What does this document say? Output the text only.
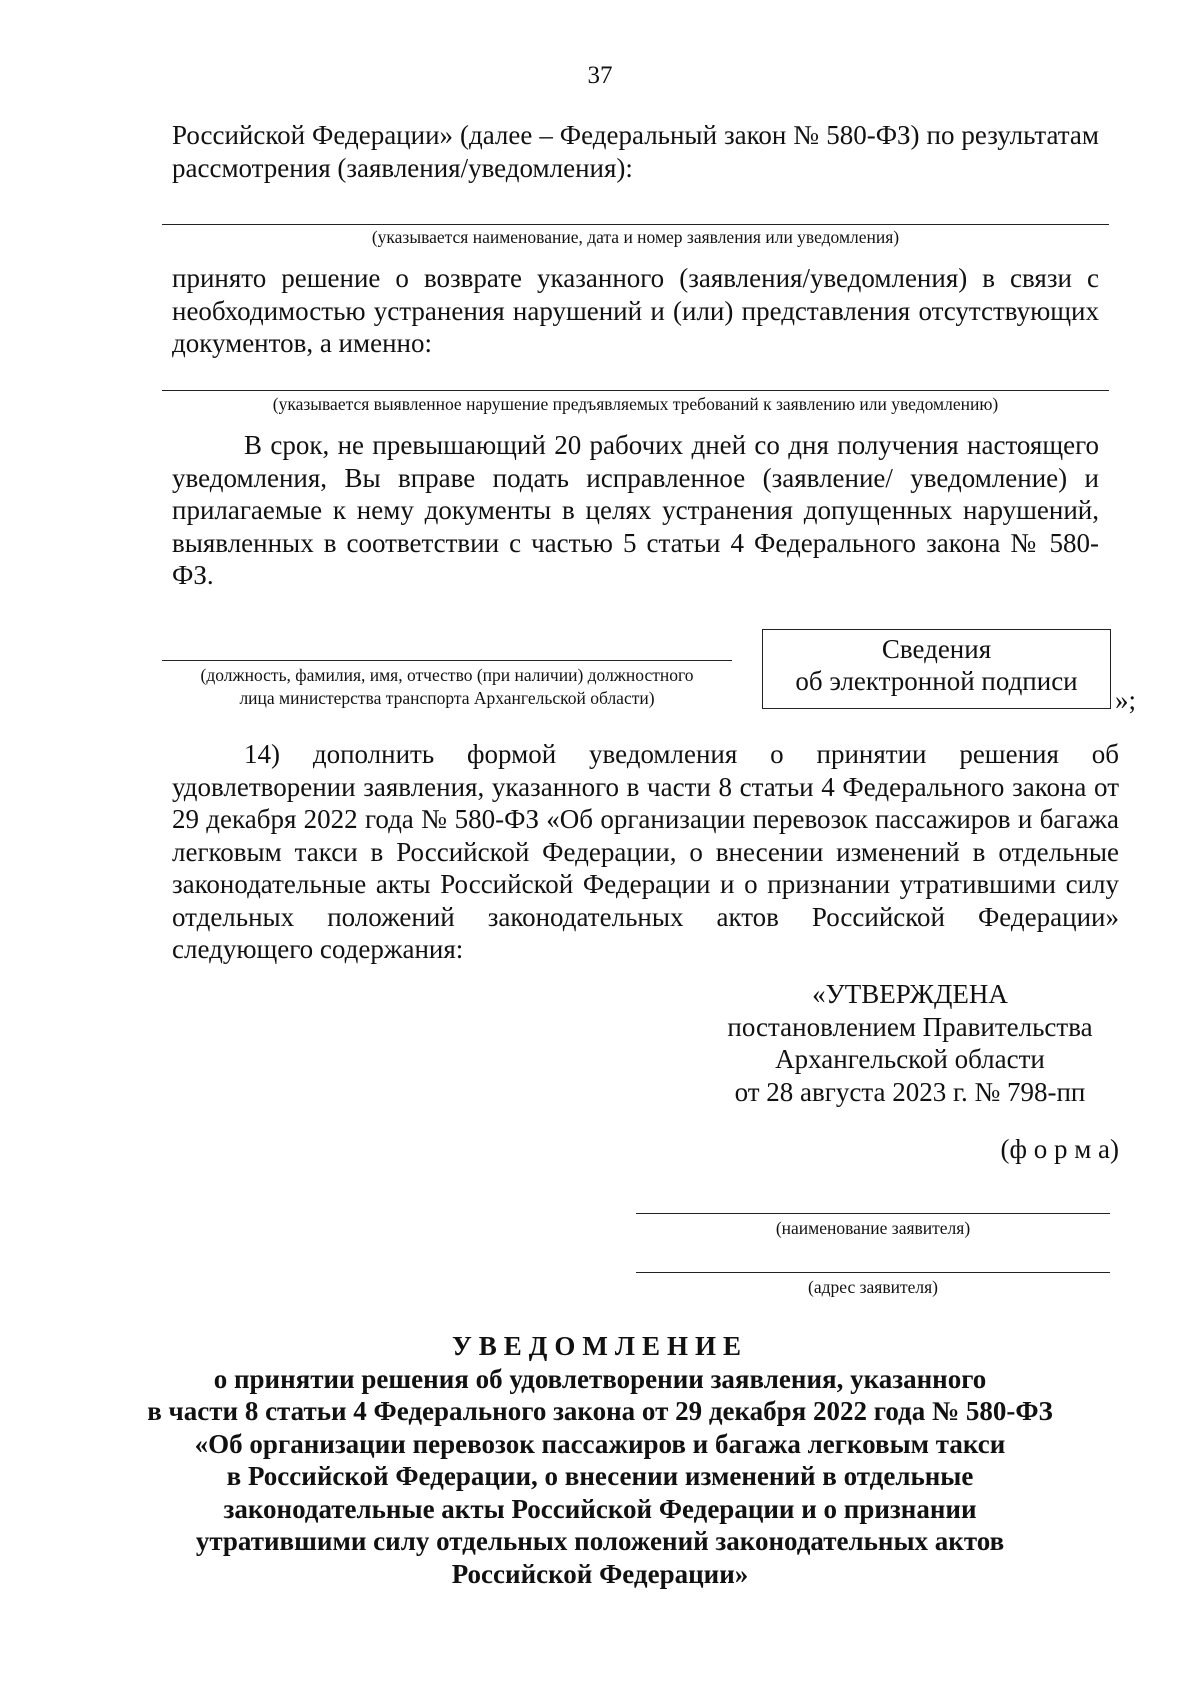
37
Российской Федерации» (далее – Федеральный закон № 580-ФЗ) по результатам рассмотрения (заявления/уведомления):
(указывается наименование, дата и номер заявления или уведомления)
принято решение о возврате указанного (заявления/уведомления) в связи с необходимостью устранения нарушений и (или) представления отсутствующих документов, а именно:
(указывается выявленное нарушение предъявляемых требований к заявлению или уведомлению)
В срок, не превышающий 20 рабочих дней со дня получения настоящего уведомления, Вы вправе подать исправленное (заявление/ уведомление) и прилагаемые к нему документы в целях устранения допущенных нарушений, выявленных в соответствии с частью 5 статьи 4 Федерального закона № 580-ФЗ.
(должность, фамилия, имя, отчество (при наличии) должностного
лица министерства транспорта Архангельской области)
Сведения
об электронной подписи
»;
14) дополнить формой уведомления о принятии решения об удовлетворении заявления, указанного в части 8 статьи 4 Федерального закона от 29 декабря 2022 года № 580-ФЗ «Об организации перевозок пассажиров и багажа легковым такси в Российской Федерации, о внесении изменений в отдельные законодательные акты Российской Федерации и о признании утратившими силу отдельных положений законодательных актов Российской Федерации» следующего содержания:
«УТВЕРЖДЕНА
постановлением Правительства
Архангельской области
от 28 августа 2023 г. № 798-пп
(ф о р м а)
(наименование заявителя)
(адрес заявителя)
УВЕДОМЛЕНИЕ
о принятии решения об удовлетворении заявления, указанного
в части 8 статьи 4 Федерального закона от 29 декабря 2022 года № 580-ФЗ
«Об организации перевозок пассажиров и багажа легковым такси
в Российской Федерации, о внесении изменений в отдельные
законодательные акты Российской Федерации и о признании
утратившими силу отдельных положений законодательных актов
Российской Федерации»
